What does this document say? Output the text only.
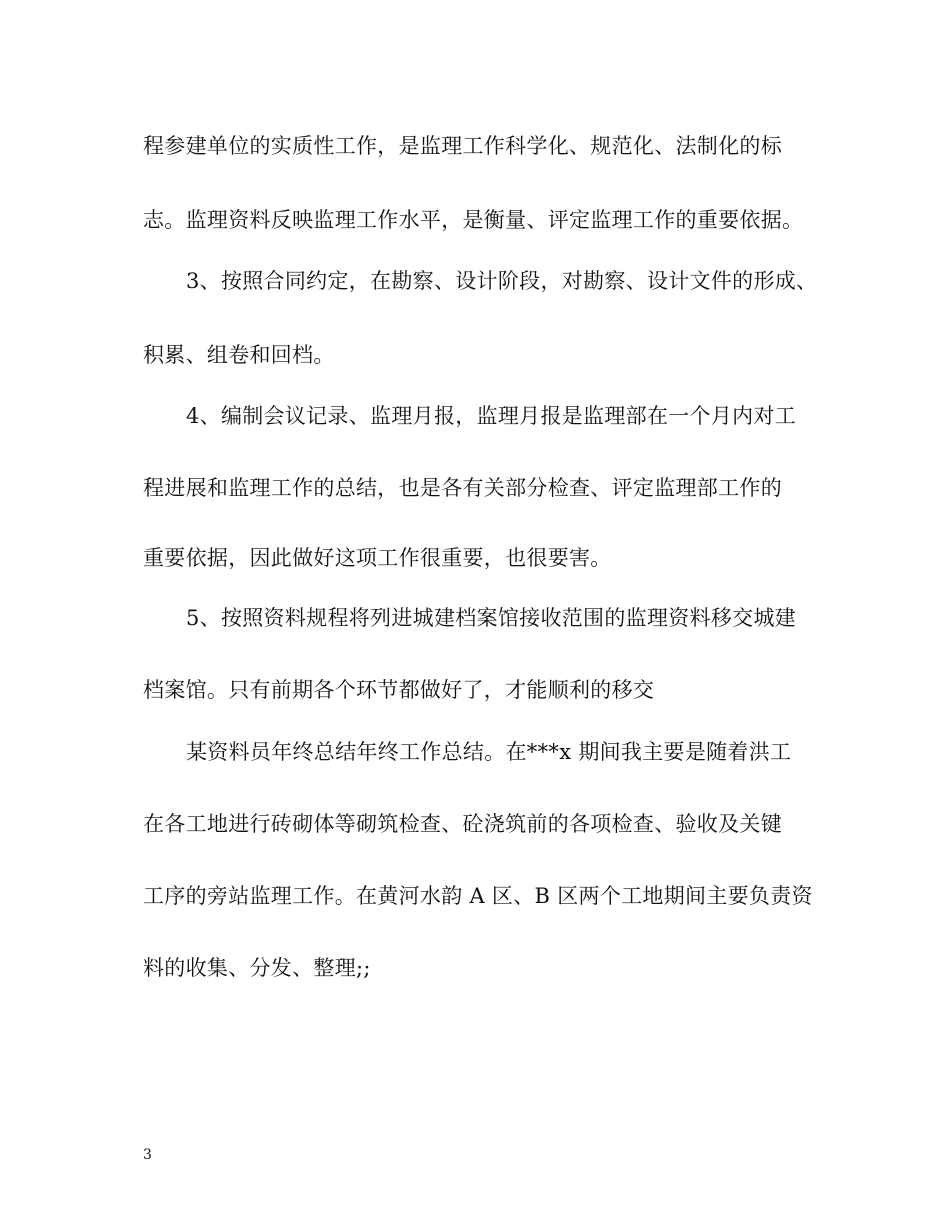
程参建单位的实质性工作，是监理工作科学化、规范化、法制化的标
志。监理资料反映监理工作水平，是衡量、评定监理工作的重要依据。
3、按照合同约定，在勘察、设计阶段，对勘察、设计文件的形成、
积累、组卷和回档。
4、编制会议记录、监理月报，监理月报是监理部在一个月内对工
程进展和监理工作的总结，也是各有关部分检查、评定监理部工作的
重要依据，因此做好这项工作很重要，也很要害。
5、按照资料规程将列进城建档案馆接收范围的监理资料移交城建
档案馆。只有前期各个环节都做好了，才能顺利的移交
某资料员年终总结年终工作总结。在***x 期间我主要是随着洪工
在各工地进行砖砌体等砌筑检查、砼浇筑前的各项检查、验收及关键
工序的旁站监理工作。在黄河水韵 A 区、B 区两个工地期间主要负责资
料的收集、分发、整理;;
3
